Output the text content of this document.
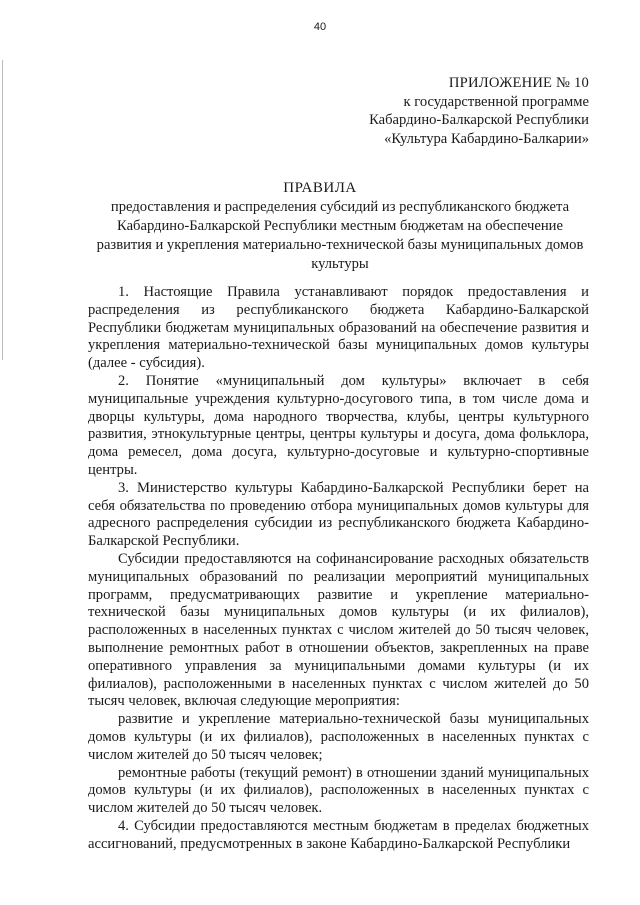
40
ПРИЛОЖЕНИЕ № 10
к государственной программе
Кабардино-Балкарской Республики
«Культура Кабардино-Балкарии»
ПРАВИЛА
предоставления и распределения субсидий из республиканского бюджета Кабардино-Балкарской Республики местным бюджетам на обеспечение развития и укрепления материально-технической базы муниципальных домов культуры

1. Настоящие Правила устанавливают порядок предоставления и распределения из республиканского бюджета Кабардино-Балкарской Республики бюджетам муниципальных образований на обеспечение развития и укрепления материально-технической базы муниципальных домов культуры (далее - субсидия).

2. Понятие «муниципальный дом культуры» включает в себя муниципальные учреждения культурно-досугового типа, в том числе дома и дворцы культуры, дома народного творчества, клубы, центры культурного развития, этнокультурные центры, центры культуры и досуга, дома фольклора, дома ремесел, дома досуга, культурно-досуговые и культурно-спортивные центры.

3. Министерство культуры Кабардино-Балкарской Республики берет на себя обязательства по проведению отбора муниципальных домов культуры для адресного распределения субсидии из республиканского бюджета Кабардино-Балкарской Республики.

Субсидии предоставляются на софинансирование расходных обязательств муниципальных образований по реализации мероприятий муниципальных программ, предусматривающих развитие и укрепление материально-технической базы муниципальных домов культуры (и их филиалов), расположенных в населенных пунктах с числом жителей до 50 тысяч человек, выполнение ремонтных работ в отношении объектов, закрепленных на праве оперативного управления за муниципальными домами культуры (и их филиалов), расположенными в населенных пунктах с числом жителей до 50 тысяч человек, включая следующие мероприятия:

развитие и укрепление материально-технической базы муниципальных домов культуры (и их филиалов), расположенных в населенных пунктах с числом жителей до 50 тысяч человек;

ремонтные работы (текущий ремонт) в отношении зданий муниципальных домов культуры (и их филиалов), расположенных в населенных пунктах с числом жителей до 50 тысяч человек.

4. Субсидии предоставляются местным бюджетам в пределах бюджетных ассигнований, предусмотренных в законе Кабардино-Балкарской Республики
